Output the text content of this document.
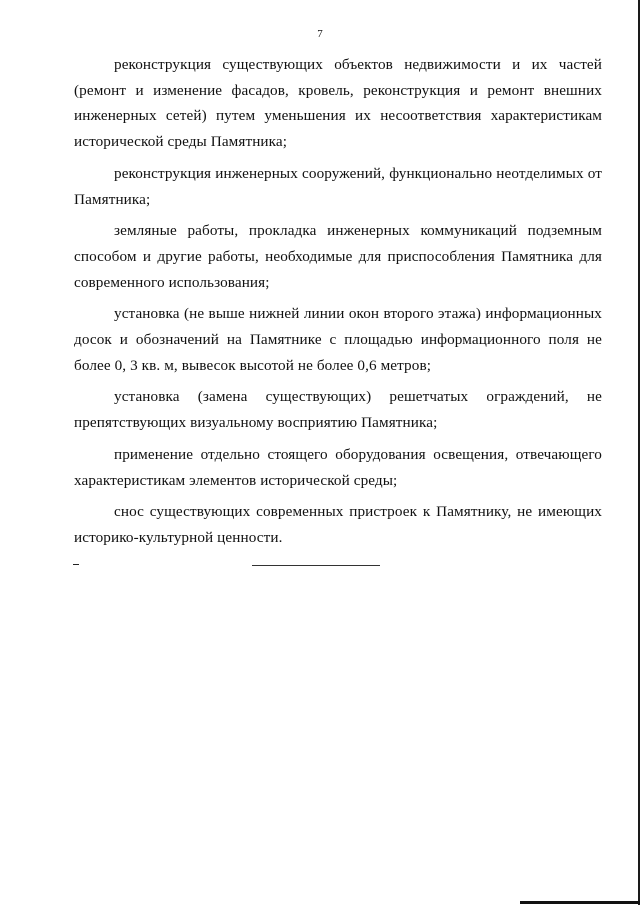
7

реконструкция существующих объектов недвижимости и их частей (ремонт и изменение фасадов, кровель, реконструкция и ремонт внешних инженерных сетей) путем уменьшения их несоответствия характеристикам исторической среды Памятника;

реконструкция инженерных сооружений, функционально неотделимых от Памятника;

земляные работы, прокладка инженерных коммуникаций подземным способом и другие работы, необходимые для приспособления Памятника для современного использования;

установка (не выше нижней линии окон второго этажа) информационных досок и обозначений на Памятнике с площадью информационного поля не более 0, 3 кв. м, вывесок высотой не более 0,6 метров;

установка (замена существующих) решетчатых ограждений, не препятствующих визуальному восприятию Памятника;

применение отдельно стоящего оборудования освещения, отвечающего характеристикам элементов исторической среды;

снос существующих современных пристроек к Памятнику, не имеющих историко-культурной ценности.
